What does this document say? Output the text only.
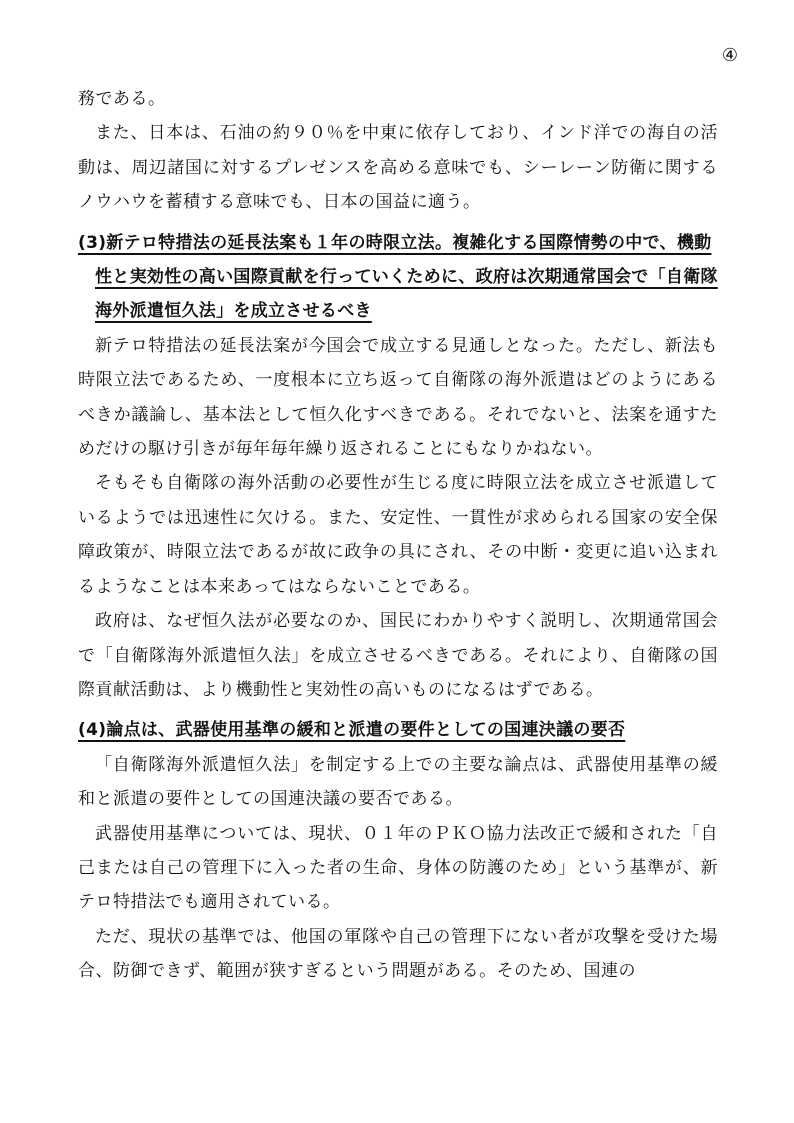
④

務である。

また、日本は、石油の約９０％を中東に依存しており、インド洋での海自の活動は、周辺諸国に対するプレゼンスを高める意味でも、シーレーン防衛に関するノウハウを蓄積する意味でも、日本の国益に適う。

(3)新テロ特措法の延長法案も１年の時限立法。複雑化する国際情勢の中で、機動性と実効性の高い国際貢献を行っていくために、政府は次期通常国会で「自衛隊海外派遣恒久法」を成立させるべき

新テロ特措法の延長法案が今国会で成立する見通しとなった。ただし、新法も時限立法であるため、一度根本に立ち返って自衛隊の海外派遣はどのようにあるべきか議論し、基本法として恒久化すべきである。それでないと、法案を通すためだけの駆け引きが毎年毎年繰り返されることにもなりかねない。

そもそも自衛隊の海外活動の必要性が生じる度に時限立法を成立させ派遣しているようでは迅速性に欠ける。また、安定性、一貫性が求められる国家の安全保障政策が、時限立法であるが故に政争の具にされ、その中断・変更に追い込まれるようなことは本来あってはならないことである。

政府は、なぜ恒久法が必要なのか、国民にわかりやすく説明し、次期通常国会で「自衛隊海外派遣恒久法」を成立させるべきである。それにより、自衛隊の国際貢献活動は、より機動性と実効性の高いものになるはずである。

(4)論点は、武器使用基準の緩和と派遣の要件としての国連決議の要否

「自衛隊海外派遣恒久法」を制定する上での主要な論点は、武器使用基準の緩和と派遣の要件としての国連決議の要否である。

武器使用基準については、現状、０１年のＰＫＯ協力法改正で緩和された「自己または自己の管理下に入った者の生命、身体の防護のため」という基準が、新テロ特措法でも適用されている。

ただ、現状の基準では、他国の軍隊や自己の管理下にない者が攻撃を受けた場合、防御できず、範囲が狭すぎるという問題がある。そのため、国連の
